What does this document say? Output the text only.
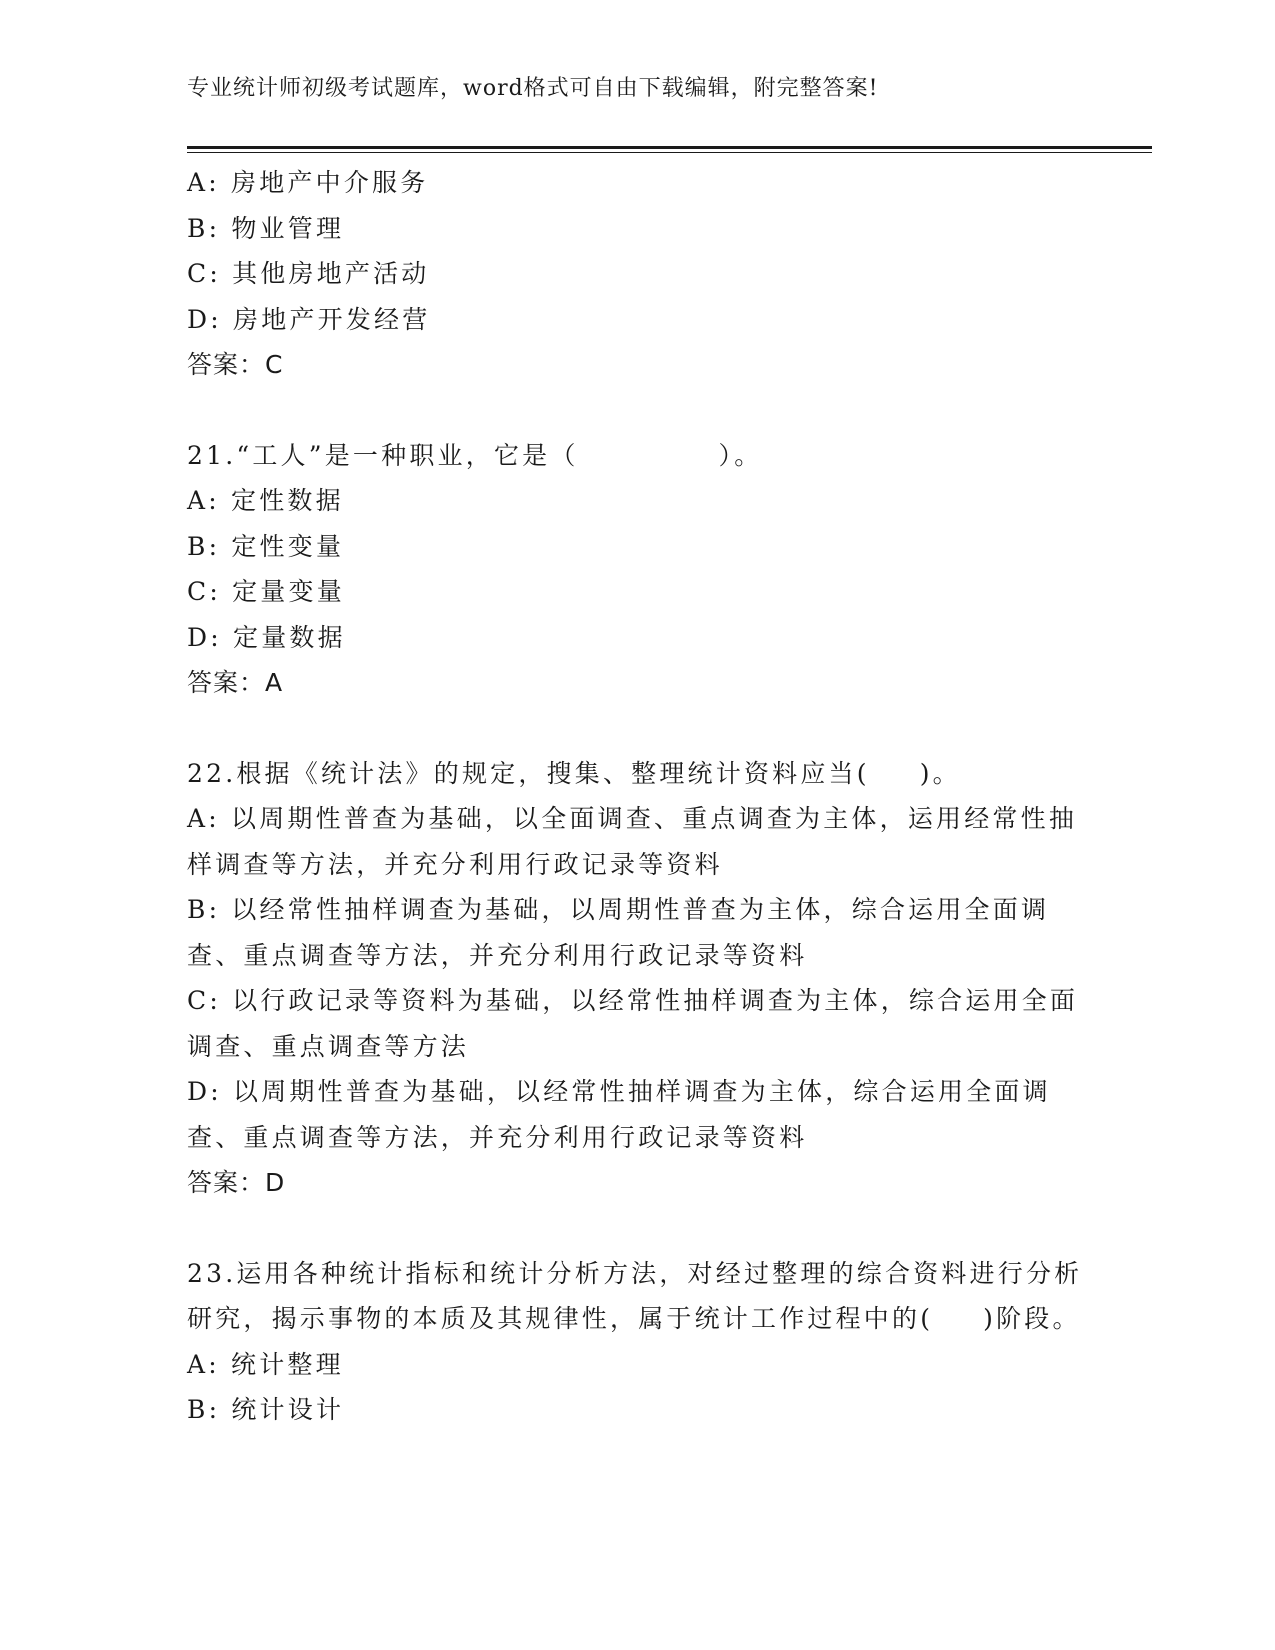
专业统计师初级考试题库，word格式可自由下载编辑，附完整答案!
A: 房地产中介服务
B: 物业管理
C: 其他房地产活动
D: 房地产开发经营
答案：C
21.“工人”是一种职业，它是（	）。
A: 定性数据
B: 定性变量
C: 定量变量
D: 定量数据
答案：A
22.根据《统计法》的规定，搜集、整理统计资料应当( )。
A: 以周期性普查为基础，以全面调查、重点调查为主体，运用经常性抽样调查等方法，并充分利用行政记录等资料
B: 以经常性抽样调查为基础，以周期性普查为主体，综合运用全面调查、重点调查等方法，并充分利用行政记录等资料
C: 以行政记录等资料为基础，以经常性抽样调查为主体，综合运用全面调查、重点调查等方法
D: 以周期性普查为基础，以经常性抽样调查为主体，综合运用全面调查、重点调查等方法，并充分利用行政记录等资料
答案：D
23.运用各种统计指标和统计分析方法，对经过整理的综合资料进行分析研究，揭示事物的本质及其规律性，属于统计工作过程中的( )阶段。
A: 统计整理
B: 统计设计
